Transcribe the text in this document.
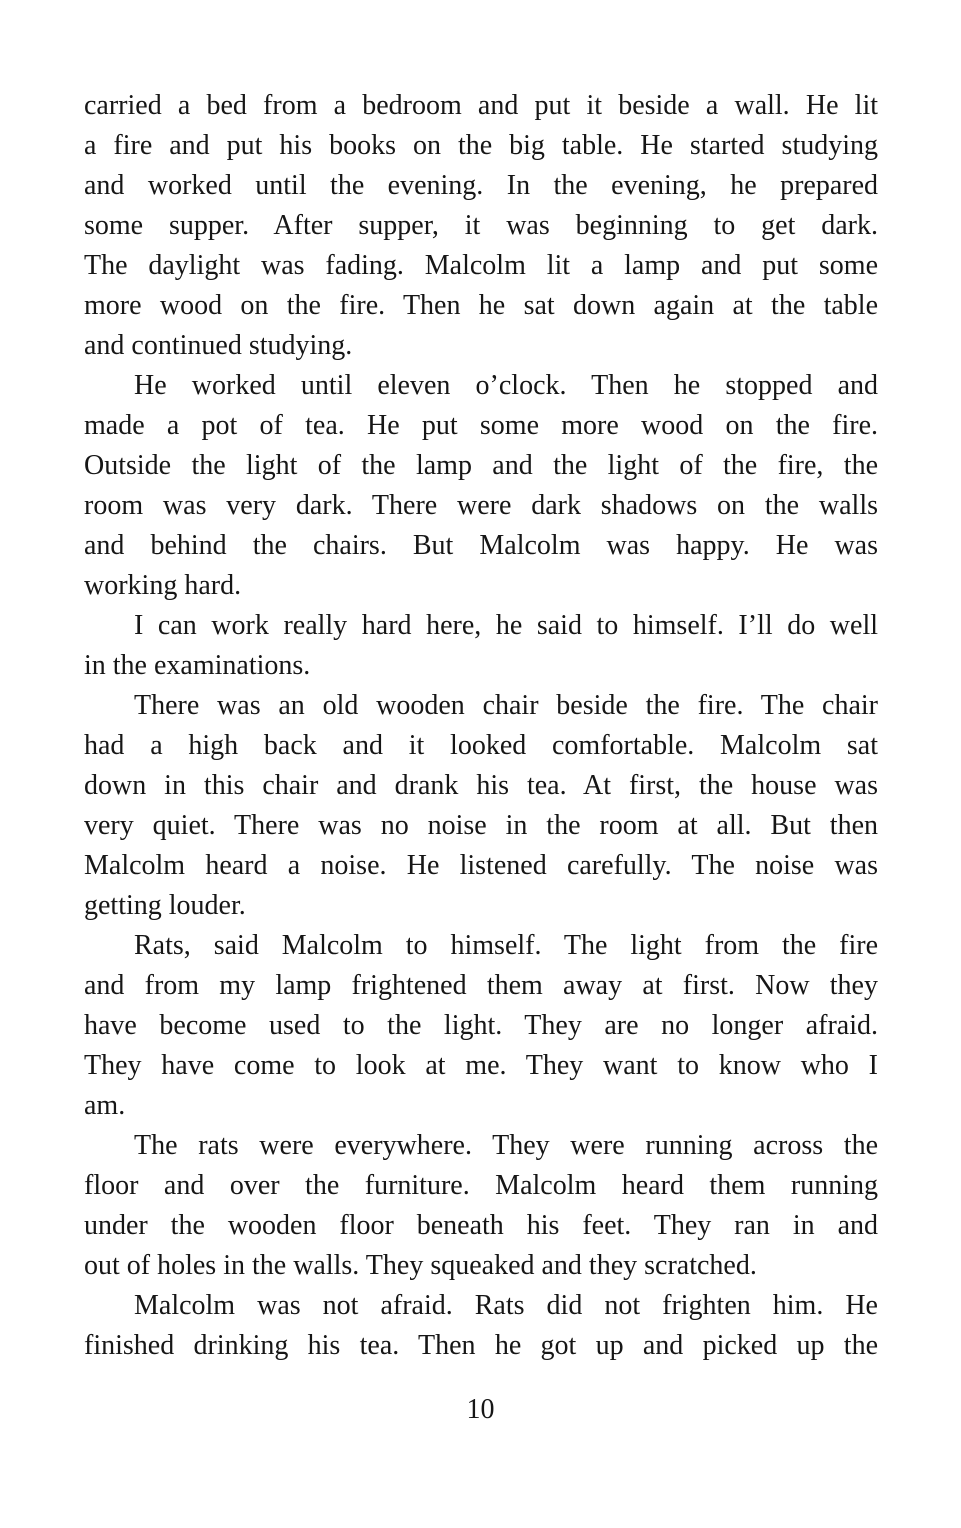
carried a bed from a bedroom and put it beside a wall. He lit
a fire and put his books on the big table. He started studying
and worked until the evening. In the evening, he prepared
some supper. After supper, it was beginning to get dark.
The daylight was fading. Malcolm lit a lamp and put some
more wood on the fire. Then he sat down again at the table
and continued studying.

He worked until eleven o’clock. Then he stopped and
made a pot of tea. He put some more wood on the fire.
Outside the light of the lamp and the light of the fire, the
room was very dark. There were dark shadows on the walls
and behind the chairs. But Malcolm was happy. He was
working hard.

I can work really hard here, he said to himself. I’ll do well
in the examinations.

There was an old wooden chair beside the fire. The chair
had a high back and it looked comfortable. Malcolm sat
down in this chair and drank his tea. At first, the house was
very quiet. There was no noise in the room at all. But then
Malcolm heard a noise. He listened carefully. The noise was
getting louder.

Rats, said Malcolm to himself. The light from the fire
and from my lamp frightened them away at first. Now they
have become used to the light. They are no longer afraid.
They have come to look at me. They want to know who I
am.

The rats were everywhere. They were running across the
floor and over the furniture. Malcolm heard them running
under the wooden floor beneath his feet. They ran in and
out of holes in the walls. They squeaked and they scratched.

Malcolm was not afraid. Rats did not frighten him. He
finished drinking his tea. Then he got up and picked up the

10
